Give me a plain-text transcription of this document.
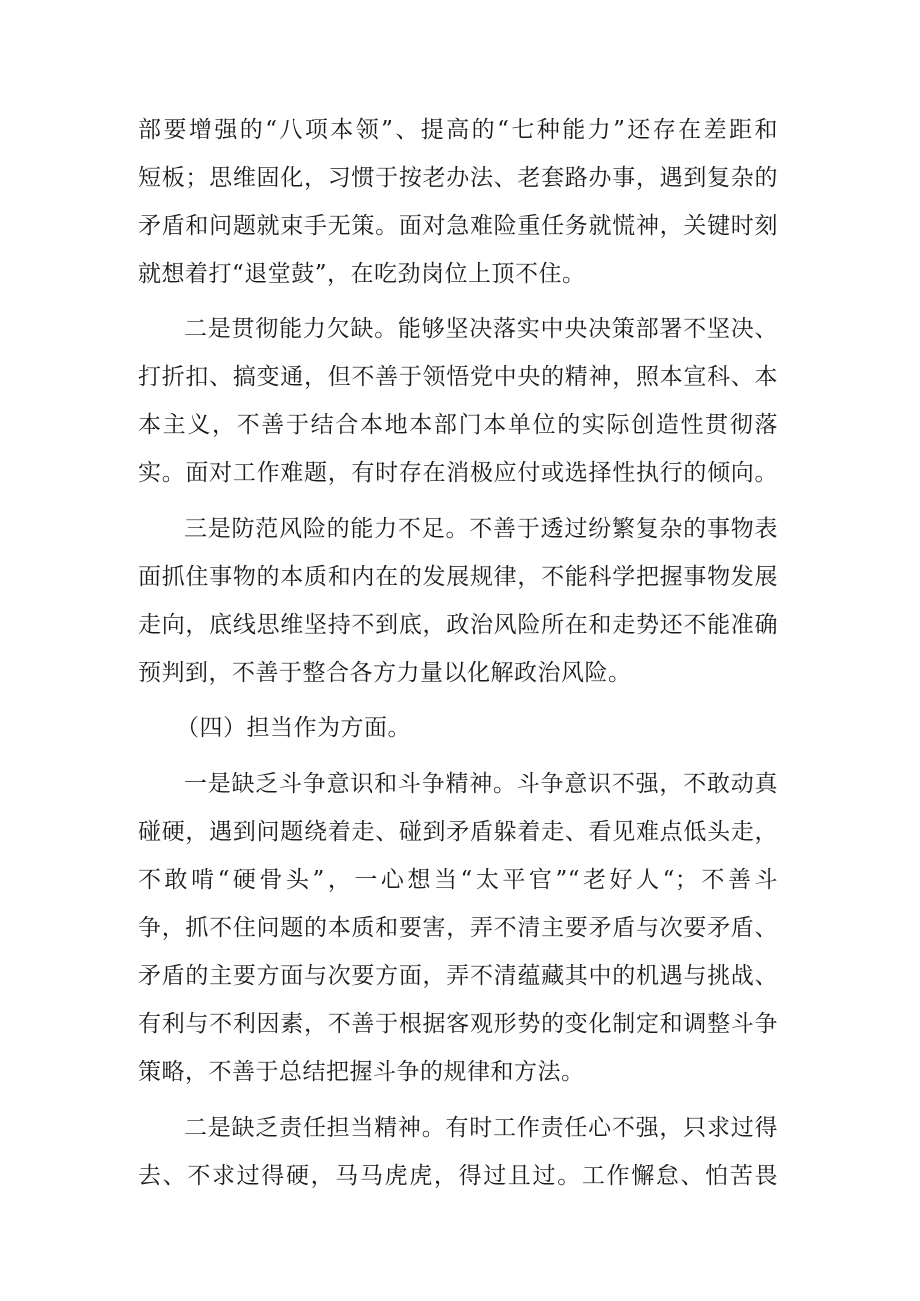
部要增强的“八项本领”、提高的“七种能力”还存在差距和
短板；思维固化，习惯于按老办法、老套路办事，遇到复杂的
矛盾和问题就束手无策。面对急难险重任务就慌神，关键时刻
就想着打“退堂鼓”，在吃劲岗位上顶不住。
二是贯彻能力欠缺。能够坚决落实中央决策部署不坚决、
打折扣、搞变通，但不善于领悟党中央的精神，照本宣科、本
本主义，不善于结合本地本部门本单位的实际创造性贯彻落
实。面对工作难题，有时存在消极应付或选择性执行的倾向。
三是防范风险的能力不足。不善于透过纷繁复杂的事物表
面抓住事物的本质和内在的发展规律，不能科学把握事物发展
走向，底线思维坚持不到底，政治风险所在和走势还不能准确
预判到，不善于整合各方力量以化解政治风险。
（四）担当作为方面。
一是缺乏斗争意识和斗争精神。斗争意识不强，不敢动真
碰硬，遇到问题绕着走、碰到矛盾躲着走、看见难点低头走，
不敢啃“硬骨头”，一心想当“太平官”“老好人“；不善斗
争，抓不住问题的本质和要害，弄不清主要矛盾与次要矛盾、
矛盾的主要方面与次要方面，弄不清蕴藏其中的机遇与挑战、
有利与不利因素，不善于根据客观形势的变化制定和调整斗争
策略，不善于总结把握斗争的规律和方法。
二是缺乏责任担当精神。有时工作责任心不强，只求过得
去、不求过得硬，马马虎虎，得过且过。工作懈怠、怕苦畏
